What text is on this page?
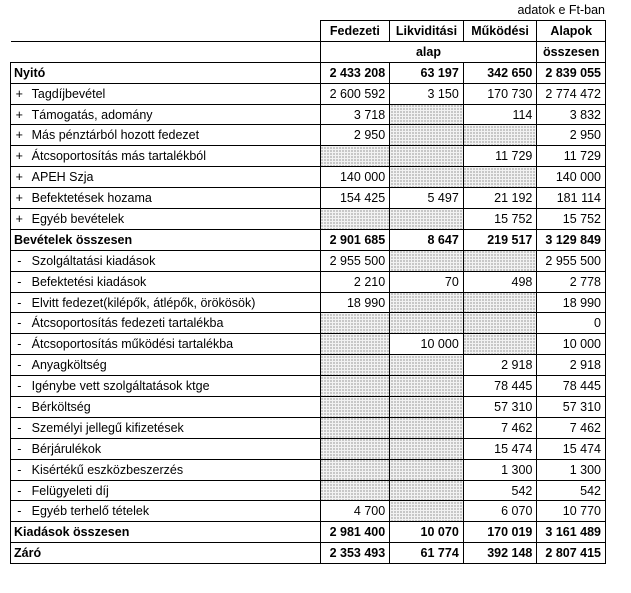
adatok e Ft-ban
		Fedezeti	Likviditási	Működési	Alapok
		alap			összesen
Nyitó		2 433 208	63 197	342 650	2 839 055
+	Tagdíjbevétel	2 600 592	3 150	170 730	2 774 472
+	Támogatás, adomány	3 718		114	3 832
+	Más pénztárból hozott fedezet	2 950			2 950
+	Átcsoportosítás más tartalékból			11 729	11 729
+	APEH Szja	140 000			140 000
+	Befektetések hozama	154 425	5 497	21 192	181 114
+	Egyéb bevételek			15 752	15 752
Bevételek összesen		2 901 685	8 647	219 517	3 129 849
-	Szolgáltatási kiadások	2 955 500			2 955 500
-	Befektetési kiadások	2 210	70	498	2 778
-	Elvitt fedezet(kilépők, átlépők, örökösök)	18 990			18 990
-	Átcsoportosítás fedezeti tartalékba				0
-	Átcsoportosítás működési tartalékba		10 000		10 000
-	Anyagköltség			2 918	2 918
-	Igénybe vett szolgáltatások ktge			78 445	78 445
-	Bérköltség			57 310	57 310
-	Személyi jellegű kifizetések			7 462	7 462
-	Bérjárulékok			15 474	15 474
-	Kisértékű eszközbeszerzés			1 300	1 300
-	Felügyeleti díj			542	542
-	Egyéb terhelő tételek	4 700		6 070	10 770
Kiadások összesen		2 981 400	10 070	170 019	3 161 489
Záró		2 353 493	61 774	392 148	2 807 415
